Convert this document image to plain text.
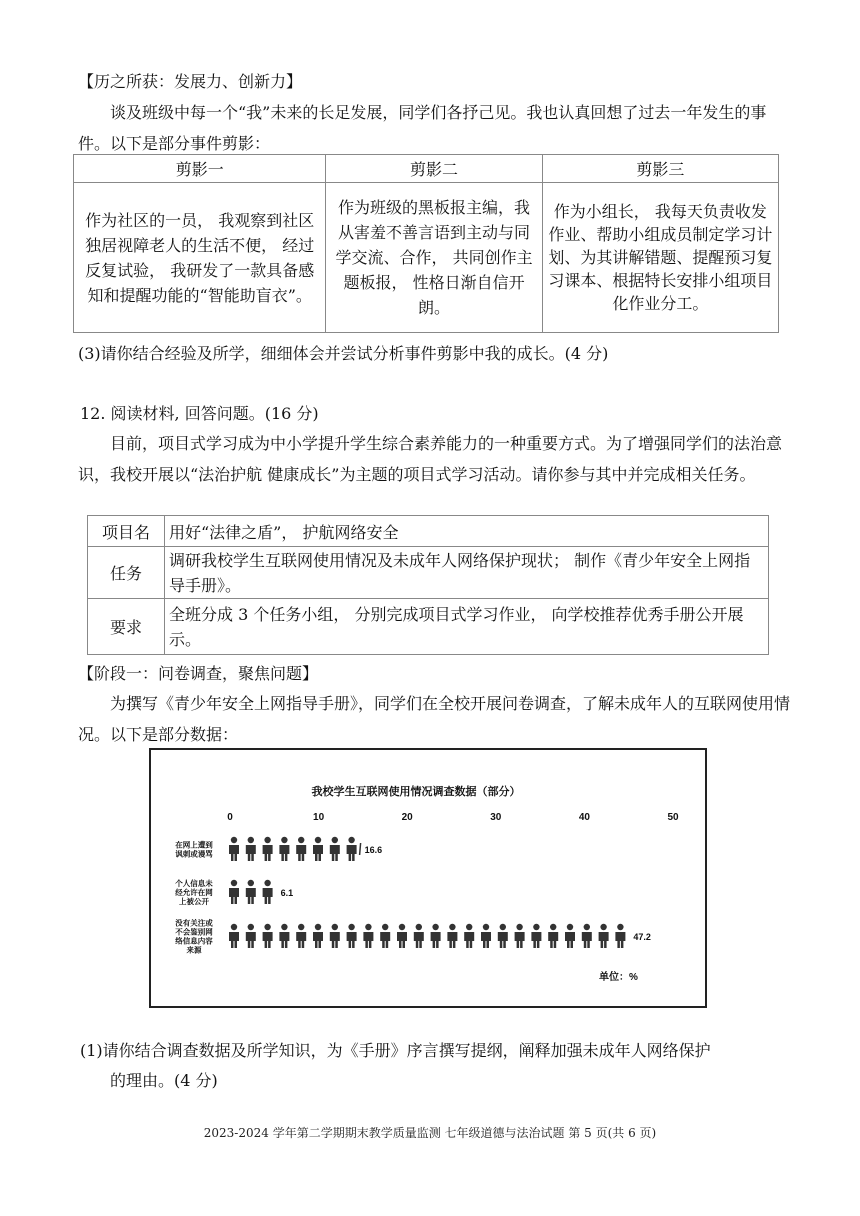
【历之所获：发展力、创新力】
谈及班级中每一个“我”未来的长足发展，同学们各抒己见。我也认真回想了过去一年发生的事件。以下是部分事件剪影：
剪影一	剪影二	剪影三
作为社区的一员， 我观察到社区独居视障老人的生活不便， 经过反复试验， 我研发了一款具备感知和提醒功能的“智能助盲衣”。	作为班级的黑板报主编，我从害羞不善言语到主动与同学交流、合作， 共同创作主题板报， 性格日渐自信开朗。	作为小组长， 我每天负责收发作业、帮助小组成员制定学习计划、为其讲解错题、提醒预习复习课本、根据特长安排小组项目化作业分工。
(3)请你结合经验及所学，细细体会并尝试分析事件剪影中我的成长。(4 分)
12. 阅读材料, 回答问题。(16 分)
目前，项目式学习成为中小学提升学生综合素养能力的一种重要方式。为了增强同学们的法治意识，我校开展以“法治护航 健康成长”为主题的项目式学习活动。请你参与其中并完成相关任务。
项目名	用好“法律之盾”， 护航网络安全
任务	调研我校学生互联网使用情况及未成年人网络保护现状； 制作《青少年安全上网指导手册》。
要求	全班分成 3 个任务小组， 分别完成项目式学习作业， 向学校推荐优秀手册公开展示。
【阶段一：问卷调查，聚焦问题】
为撰写《青少年安全上网指导手册》，同学们在全校开展问卷调查，了解未成年人的互联网使用情况。以下是部分数据：
我校学生互联网使用情况调查数据（部分）
0	10	20	30	40	50
在网上遭到
讽刺或谩骂	16.6
个人信息未
经允许在网
上被公开
6.1
没有关注或
不会鉴别网
络信息内容
来源
47.2
单位：%
(1)请你结合调查数据及所学知识，为《手册》序言撰写提纲，阐释加强未成年人网络保护
的理由。(4 分)
2023-2024 学年第二学期期末教学质量监测 七年级道德与法治试题 第 5 页(共 6 页)
